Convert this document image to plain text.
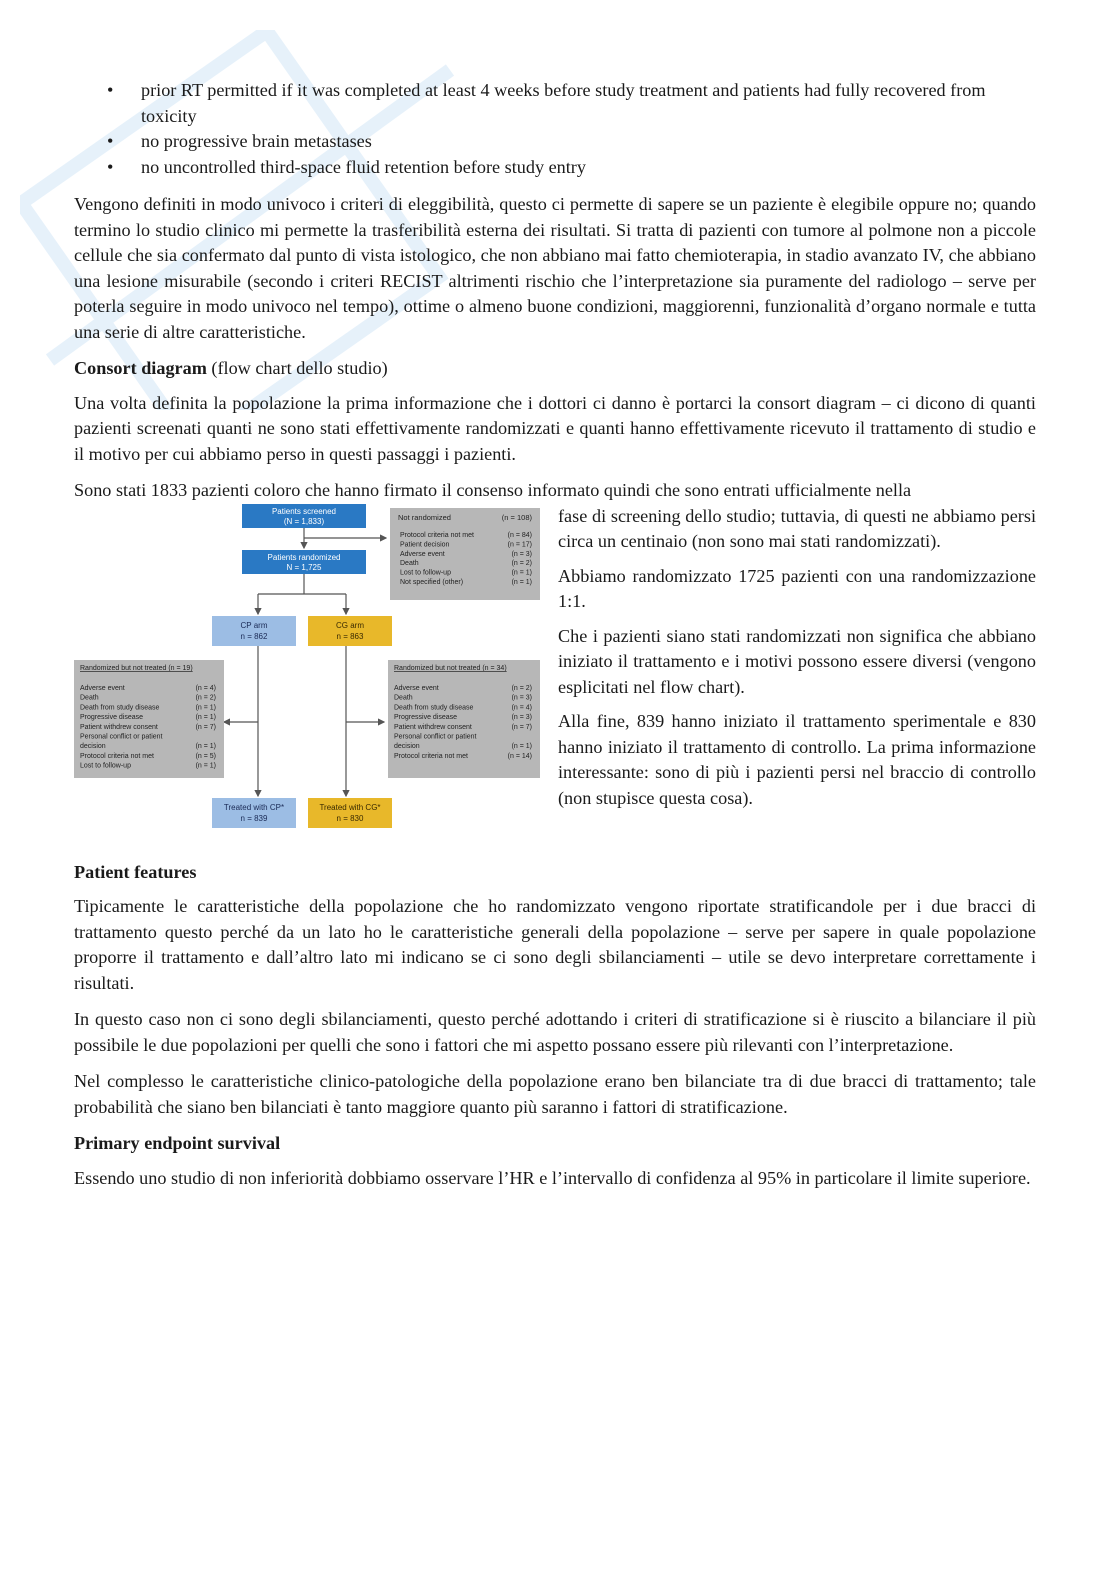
• prior RT permitted if it was completed at least 4 weeks before study treatment and patients had fully recovered from toxicity
• no progressive brain metastases
• no uncontrolled third-space fluid retention before study entry

Vengono definiti in modo univoco i criteri di eleggibilità, questo ci permette di sapere se un paziente è elegibile oppure no; quando termino lo studio clinico mi permette la trasferibilità esterna dei risultati. Si tratta di pazienti con tumore al polmone non a piccole cellule che sia confermato dal punto di vista istologico, che non abbiano mai fatto chemioterapia, in stadio avanzato IV, che abbiano una lesione misurabile (secondo i criteri RECIST altrimenti rischio che l’interpretazione sia puramente del radiologo – serve per poterla seguire in modo univoco nel tempo), ottime o almeno buone condizioni, maggiorenni, funzionalità d’organo normale e tutta una serie di altre caratteristiche.

Consort diagram (flow chart dello studio)

Una volta definita la popolazione la prima informazione che i dottori ci danno è portarci la consort diagram – ci dicono di quanti pazienti screenati quanti ne sono stati effettivamente randomizzati e quanti hanno effettivamente ricevuto il trattamento di studio e il motivo per cui abbiamo perso in questi passaggi i pazienti.

Sono stati 1833 pazienti coloro che hanno firmato il consenso informato quindi che sono entrati ufficialmente nella

Patients screened
(N = 1,833)
Patients randomized
N = 1,725
Not randomized	(n = 108)
Protocol criteria not met	(n = 84)
Patient decision	(n = 17)
Adverse event	(n = 3)
Death	(n = 2)
Lost to follow-up	(n = 1)
Not specified (other)	(n = 1)
CP arm
n = 862
CG arm
n = 863
Randomized but not treated (n = 19)
Adverse event	(n = 4)
Death	(n = 2)
Death from study disease	(n = 1)
Progressive disease	(n = 1)
Patient withdrew consent	(n = 7)
Personal conflict or patient
decision	(n = 1)
Protocol criteria not met	(n = 5)
Lost to follow-up	(n = 1)
Randomized but not treated (n = 34)
Adverse event	(n = 2)
Death	(n = 3)
Death from study disease	(n = 4)
Progressive disease	(n = 3)
Patient withdrew consent	(n = 7)
Personal conflict or patient
decision	(n = 1)
Protocol criteria not met	(n = 14)
Treated with CP*
n = 839
Treated with CG*
n = 830

fase di screening dello studio; tuttavia, di questi ne abbiamo persi circa un centinaio (non sono mai stati randomizzati).

Abbiamo randomizzato 1725 pazienti con una randomizzazione 1:1.

Che i pazienti siano stati randomizzati non significa che abbiano iniziato il trattamento e i motivi possono essere diversi (vengono esplicitati nel flow chart).

Alla fine, 839 hanno iniziato il trattamento sperimentale e 830 hanno iniziato il trattamento di controllo. La prima informazione interessante: sono di più i pazienti persi nel braccio di controllo (non stupisce questa cosa).

Patient features

Tipicamente le caratteristiche della popolazione che ho randomizzato vengono riportate stratificandole per i due bracci di trattamento questo perché da un lato ho le caratteristiche generali della popolazione – serve per sapere in quale popolazione proporre il trattamento e dall’altro lato mi indicano se ci sono degli sbilanciamenti – utile se devo interpretare correttamente i risultati.

In questo caso non ci sono degli sbilanciamenti, questo perché adottando i criteri di stratificazione si è riuscito a bilanciare il più possibile le due popolazioni per quelli che sono i fattori che mi aspetto possano essere più rilevanti con l’interpretazione.

Nel complesso le caratteristiche clinico-patologiche della popolazione erano ben bilanciate tra di due bracci di trattamento; tale probabilità che siano ben bilanciati è tanto maggiore quanto più saranno i fattori di stratificazione.

Primary endpoint survival

Essendo uno studio di non inferiorità dobbiamo osservare l’HR e l’intervallo di confidenza al 95% in particolare il limite superiore.
